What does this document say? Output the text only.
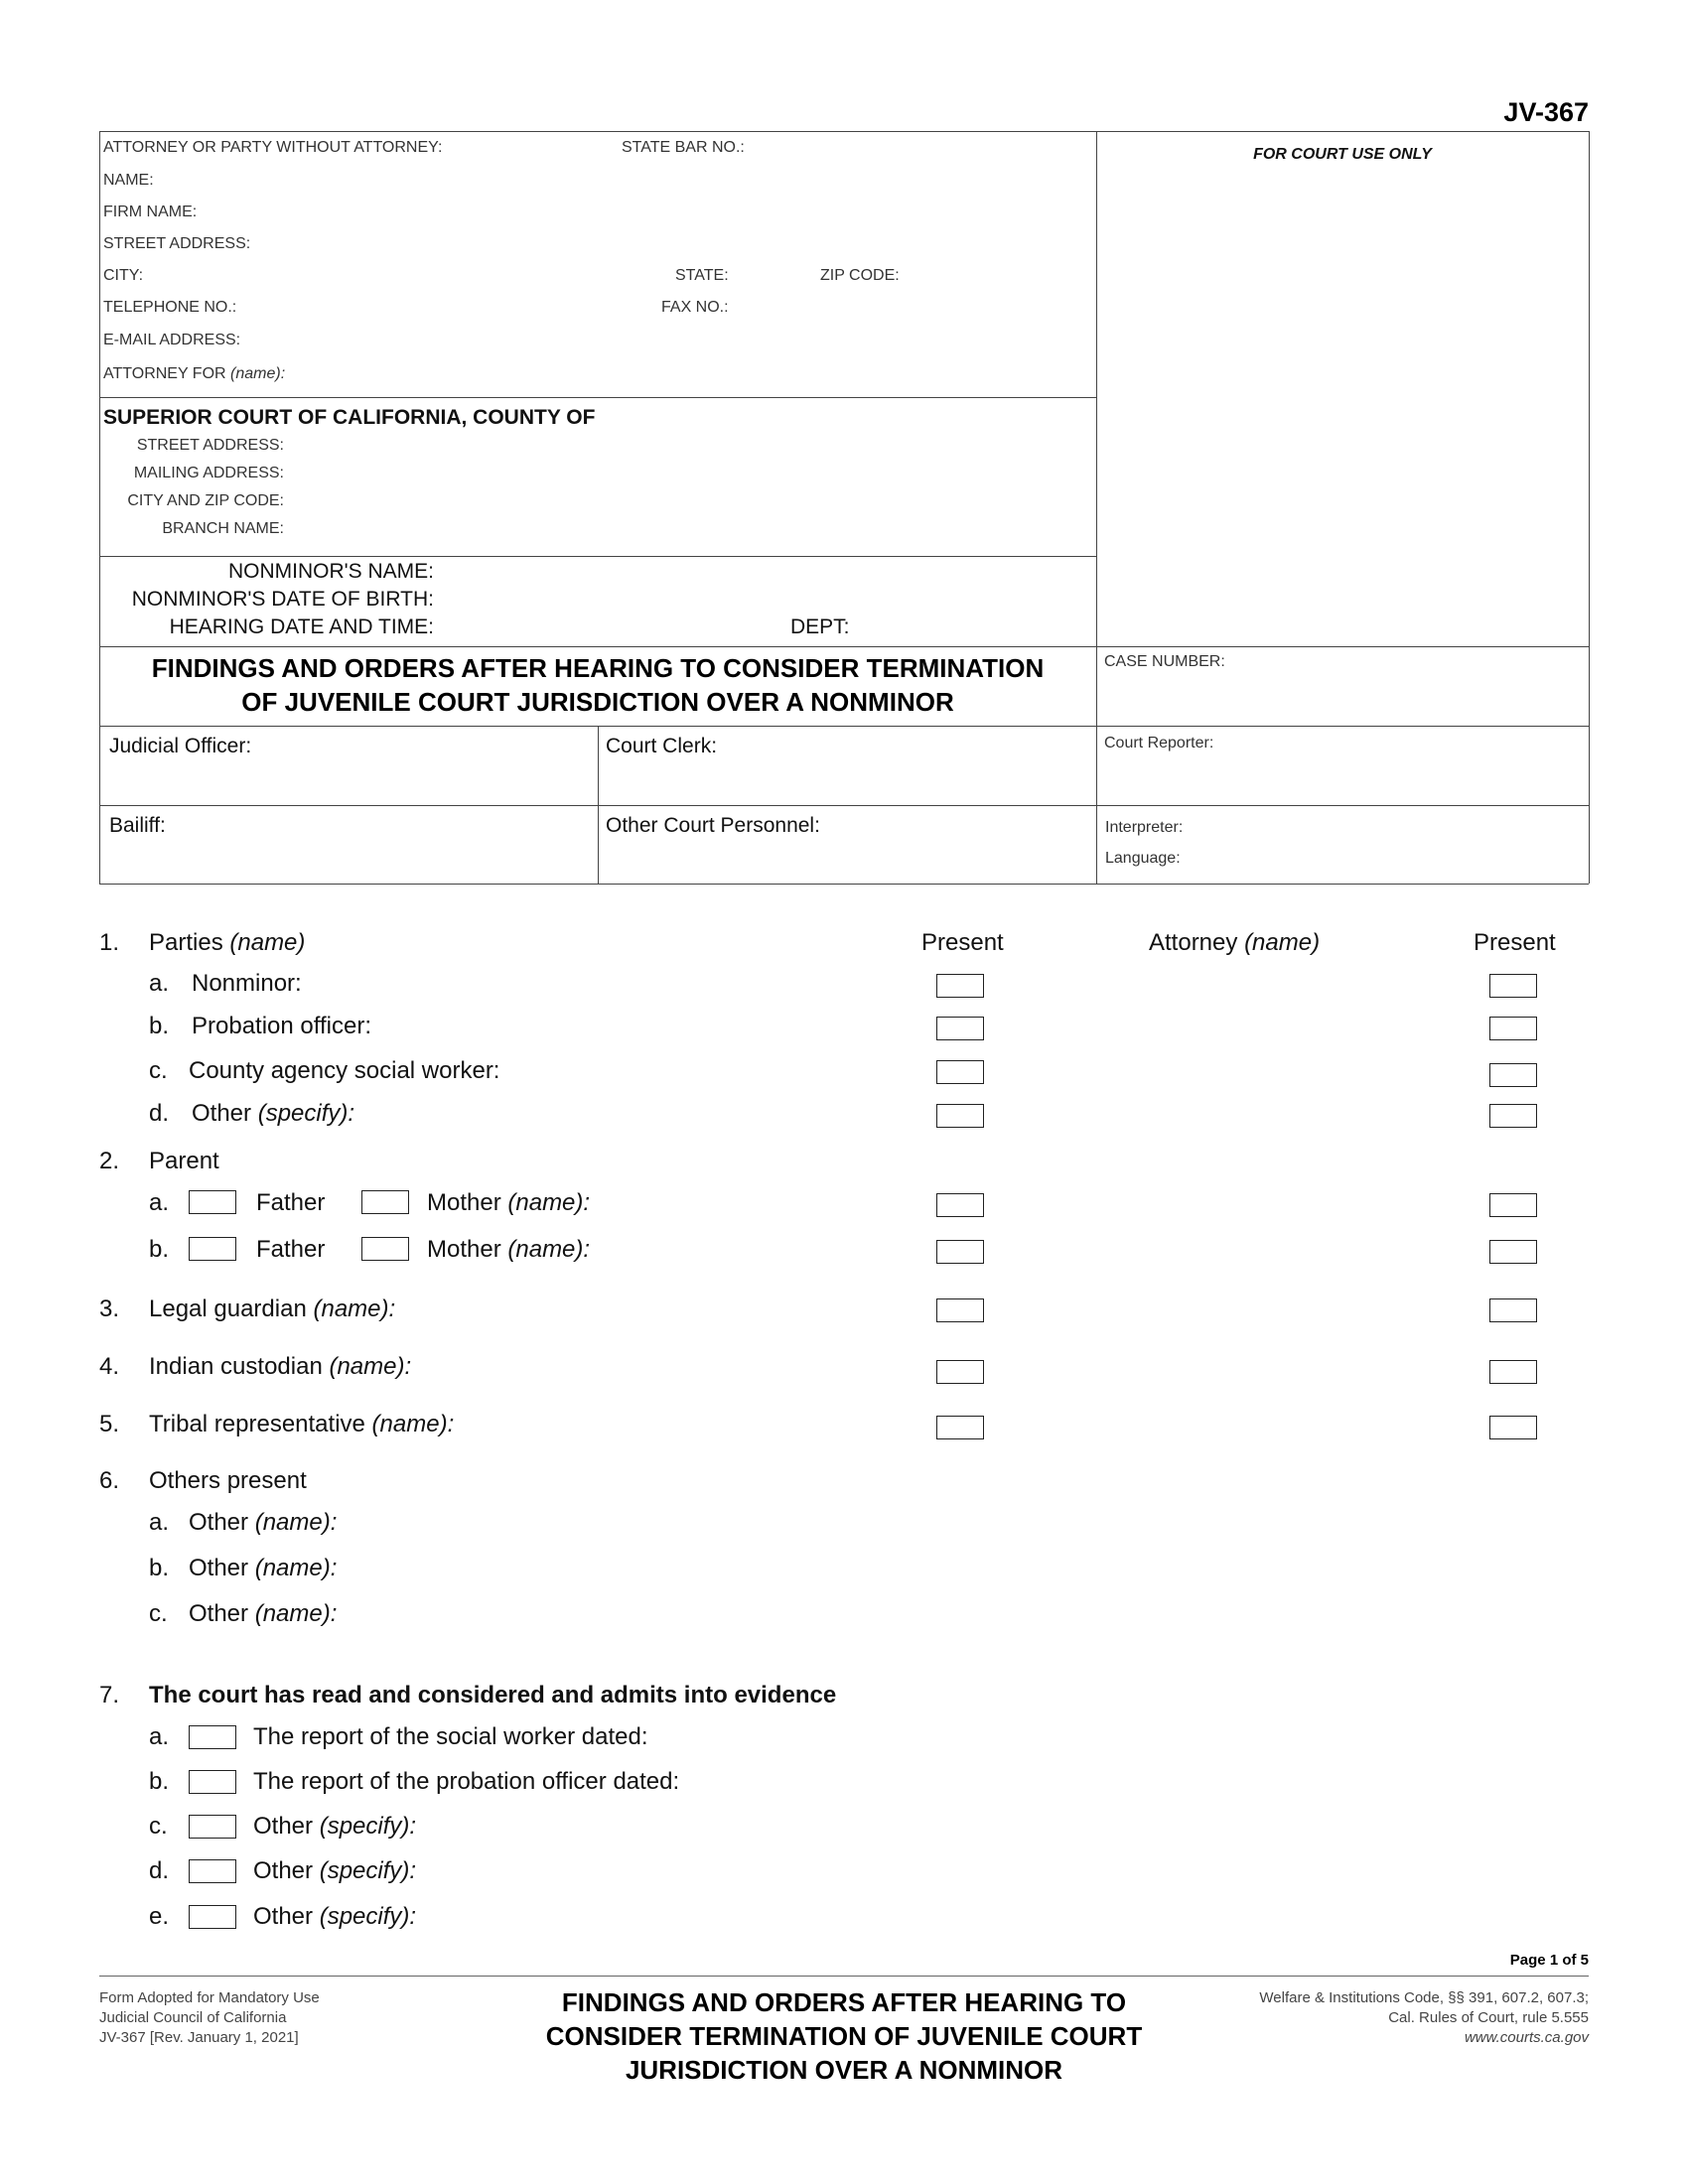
JV-367
ATTORNEY OR PARTY WITHOUT ATTORNEY:	STATE BAR NO.:
NAME:
FIRM NAME:
STREET ADDRESS:
CITY:	STATE:	ZIP CODE:
TELEPHONE NO.:	FAX NO.:
E-MAIL ADDRESS:
ATTORNEY FOR (name):
FOR COURT USE ONLY
SUPERIOR COURT OF CALIFORNIA, COUNTY OF
STREET ADDRESS:
MAILING ADDRESS:
CITY AND ZIP CODE:
BRANCH NAME:
NONMINOR'S NAME:
NONMINOR'S DATE OF BIRTH:
HEARING DATE AND TIME:	DEPT:
FINDINGS AND ORDERS AFTER HEARING TO CONSIDER TERMINATION
OF JUVENILE COURT JURISDICTION OVER A NONMINOR
CASE NUMBER:
Judicial Officer:	Court Clerk:	Court Reporter:
Bailiff:	Other Court Personnel:	Interpreter:
Language:
1. Parties (name)	Present	Attorney (name)	Present
a. Nonminor:
b. Probation officer:
c. County agency social worker:
d. Other (specify):
2. Parent
a.	Father	Mother (name):
b.	Father	Mother (name):
3. Legal guardian (name):
4. Indian custodian (name):
5. Tribal representative (name):
6. Others present
a. Other (name):
b. Other (name):
c. Other (name):
7. The court has read and considered and admits into evidence
a.	The report of the social worker dated:
b.	The report of the probation officer dated:
c.	Other (specify):
d.	Other (specify):
e.	Other (specify):
Page 1 of 5
Form Adopted for Mandatory Use
Judicial Council of California
JV-367 [Rev. January 1, 2021]
FINDINGS AND ORDERS AFTER HEARING TO
CONSIDER TERMINATION OF JUVENILE COURT
JURISDICTION OVER A NONMINOR
Welfare & Institutions Code, §§ 391, 607.2, 607.3;
Cal. Rules of Court, rule 5.555
www.courts.ca.gov
